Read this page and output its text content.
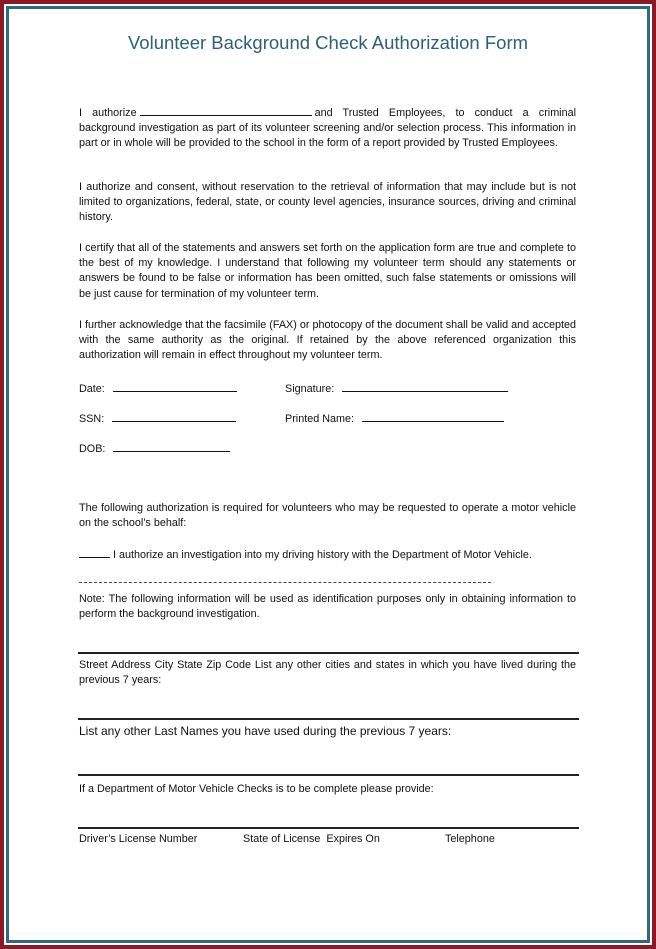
Volunteer Background Check Authorization Form

I authorize	and Trusted Employees, to conduct a criminal background investigation as part of its volunteer screening and/or selection process. This information in part or in whole will be provided to the school in the form of a report provided by Trusted Employees.

I authorize and consent, without reservation to the retrieval of information that may include but is not limited to organizations, federal, state, or county level agencies, insurance sources, driving and criminal history.

I certify that all of the statements and answers set forth on the application form are true and complete to the best of my knowledge. I understand that following my volunteer term should any statements or answers be found to be false or information has been omitted, such false statements or omissions will be just cause for termination of my volunteer term.

I further acknowledge that the facsimile (FAX) or photocopy of the document shall be valid and accepted with the same authority as the original. If retained by the above referenced organization this authorization will remain in effect throughout my volunteer term.

Date:	Signature:
SSN:	Printed Name:
DOB:

The following authorization is required for volunteers who may be requested to operate a motor vehicle on the school’s behalf:

I authorize an investigation into my driving history with the Department of Motor Vehicle.

Note: The following information will be used as identification purposes only in obtaining information to perform the background investigation.

Street Address City State Zip Code List any other cities and states in which you have lived during the previous 7 years:

List any other Last Names you have used during the previous 7 years:

If a Department of Motor Vehicle Checks is to be complete please provide:

Driver’s License Number	State of License  Expires On	Telephone
